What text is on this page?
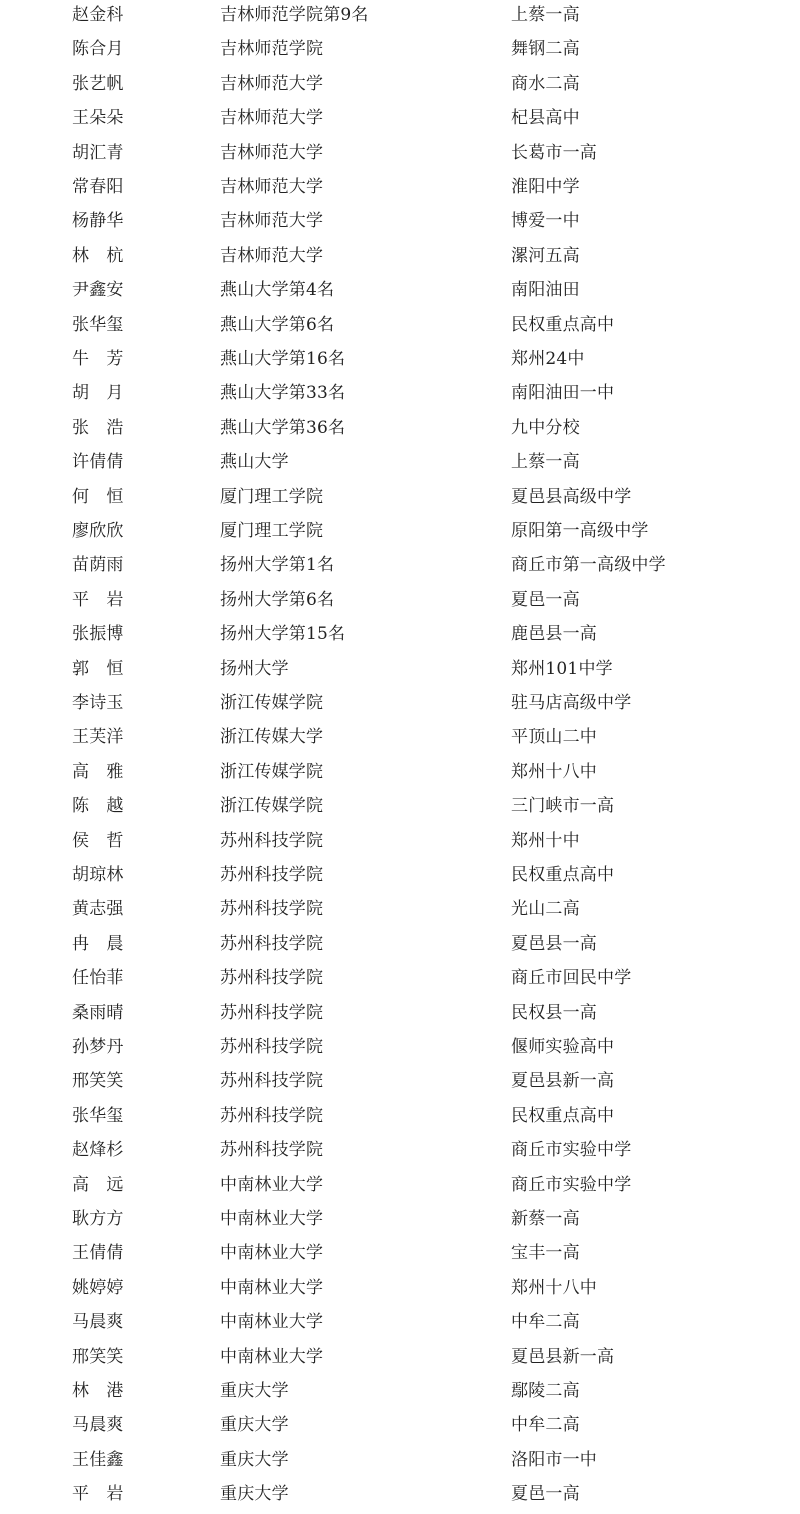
赵金科	吉林师范学院第9名	上蔡一高
陈合月	吉林师范学院	舞钢二高
张艺帆	吉林师范大学	商水二高
王朵朵	吉林师范大学	杞县高中
胡汇青	吉林师范大学	长葛市一高
常春阳	吉林师范大学	淮阳中学
杨静华	吉林师范大学	博爱一中
林　杭	吉林师范大学	漯河五高
尹鑫安	燕山大学第4名	南阳油田
张华玺	燕山大学第6名	民权重点高中
牛　芳	燕山大学第16名	郑州24中
胡　月	燕山大学第33名	南阳油田一中
张　浩	燕山大学第36名	九中分校
许倩倩	燕山大学	上蔡一高
何　恒	厦门理工学院	夏邑县高级中学
廖欣欣	厦门理工学院	原阳第一高级中学
苗荫雨	扬州大学第1名	商丘市第一高级中学
平　岩	扬州大学第6名	夏邑一高
张振博	扬州大学第15名	鹿邑县一高
郭　恒	扬州大学	郑州101中学
李诗玉	浙江传媒学院	驻马店高级中学
王芙洋	浙江传媒大学	平顶山二中
高　雅	浙江传媒学院	郑州十八中
陈　越	浙江传媒学院	三门峡市一高
侯　哲	苏州科技学院	郑州十中
胡琼林	苏州科技学院	民权重点高中
黄志强	苏州科技学院	光山二高
冉　晨	苏州科技学院	夏邑县一高
任怡菲	苏州科技学院	商丘市回民中学
桑雨晴	苏州科技学院	民权县一高
孙梦丹	苏州科技学院	偃师实验高中
邢笑笑	苏州科技学院	夏邑县新一高
张华玺	苏州科技学院	民权重点高中
赵烽杉	苏州科技学院	商丘市实验中学
高　远	中南林业大学	商丘市实验中学
耿方方	中南林业大学	新蔡一高
王倩倩	中南林业大学	宝丰一高
姚婷婷	中南林业大学	郑州十八中
马晨爽	中南林业大学	中牟二高
邢笑笑	中南林业大学	夏邑县新一高
林　港	重庆大学	鄢陵二高
马晨爽	重庆大学	中牟二高
王佳鑫	重庆大学	洛阳市一中
平　岩	重庆大学	夏邑一高
